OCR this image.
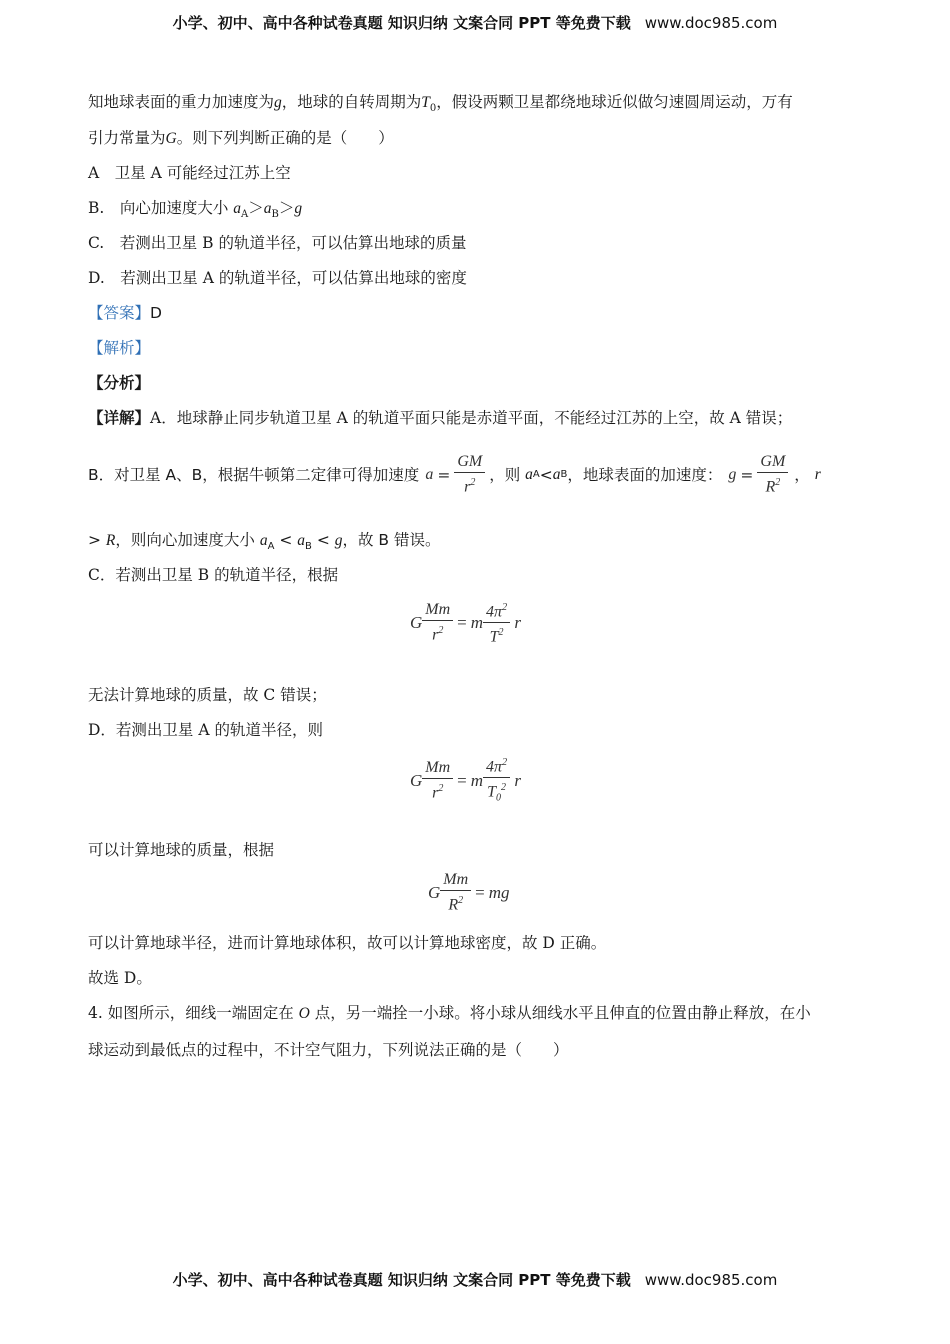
小学、初中、高中各种试卷真题 知识归纳 文案合同 PPT 等免费下载 www.doc985.com
知地球表面的重力加速度为g，地球的自转周期为$T_0$，假设两颗卫星都绕地球近似做匀速圆周运动，万有
引力常量为G。则下列判断正确的是（　　）
A　卫星 A 可能经过江苏上空
B.　向心加速度大小 $a_A>a_B>g$
C.　若测出卫星 B 的轨道半径，可以估算出地球的质量
D.　若测出卫星 A 的轨道半径，可以估算出地球的密度
【答案】D
【解析】
【分析】
【详解】A．地球静止同步轨道卫星 A 的轨道平面只能是赤道平面，不能经过江苏的上空，故 A 错误；
B．对卫星 A、B，根据牛顿第二定律可得加速度 $a = \frac{GM}{r^2}$ ，则
a A < a B ，地球表面的加速度： $g = \frac{GM}{R^2}$ ，
r
> R，则向心加速度大小 $a_A < a_B < g$，故 B 错误。
C．若测出卫星 B 的轨道半径，根据
G $\frac{Mm}{r^2} = m \frac{4\pi^2}{T^2}$ r
无法计算地球的质量，故 C 错误；
D．若测出卫星 A 的轨道半径，则
G $\frac{Mm}{r^2} = m \frac{4\pi^2}{T_0^2}$ r
可以计算地球的质量，根据
G $\frac{Mm}{R^2}$ = mg
可以计算地球半径，进而计算地球体积，故可以计算地球密度，故 D 正确。
故选 D。
4. 如图所示，细线一端固定在 O 点，另一端拴一小球。将小球从细线水平且伸直的位置由静止释放，在小
球运动到最低点的过程中，不计空气阻力，下列说法正确的是（　　）
小学、初中、高中各种试卷真题 知识归纳 文案合同 PPT 等免费下载 www.doc985.com
